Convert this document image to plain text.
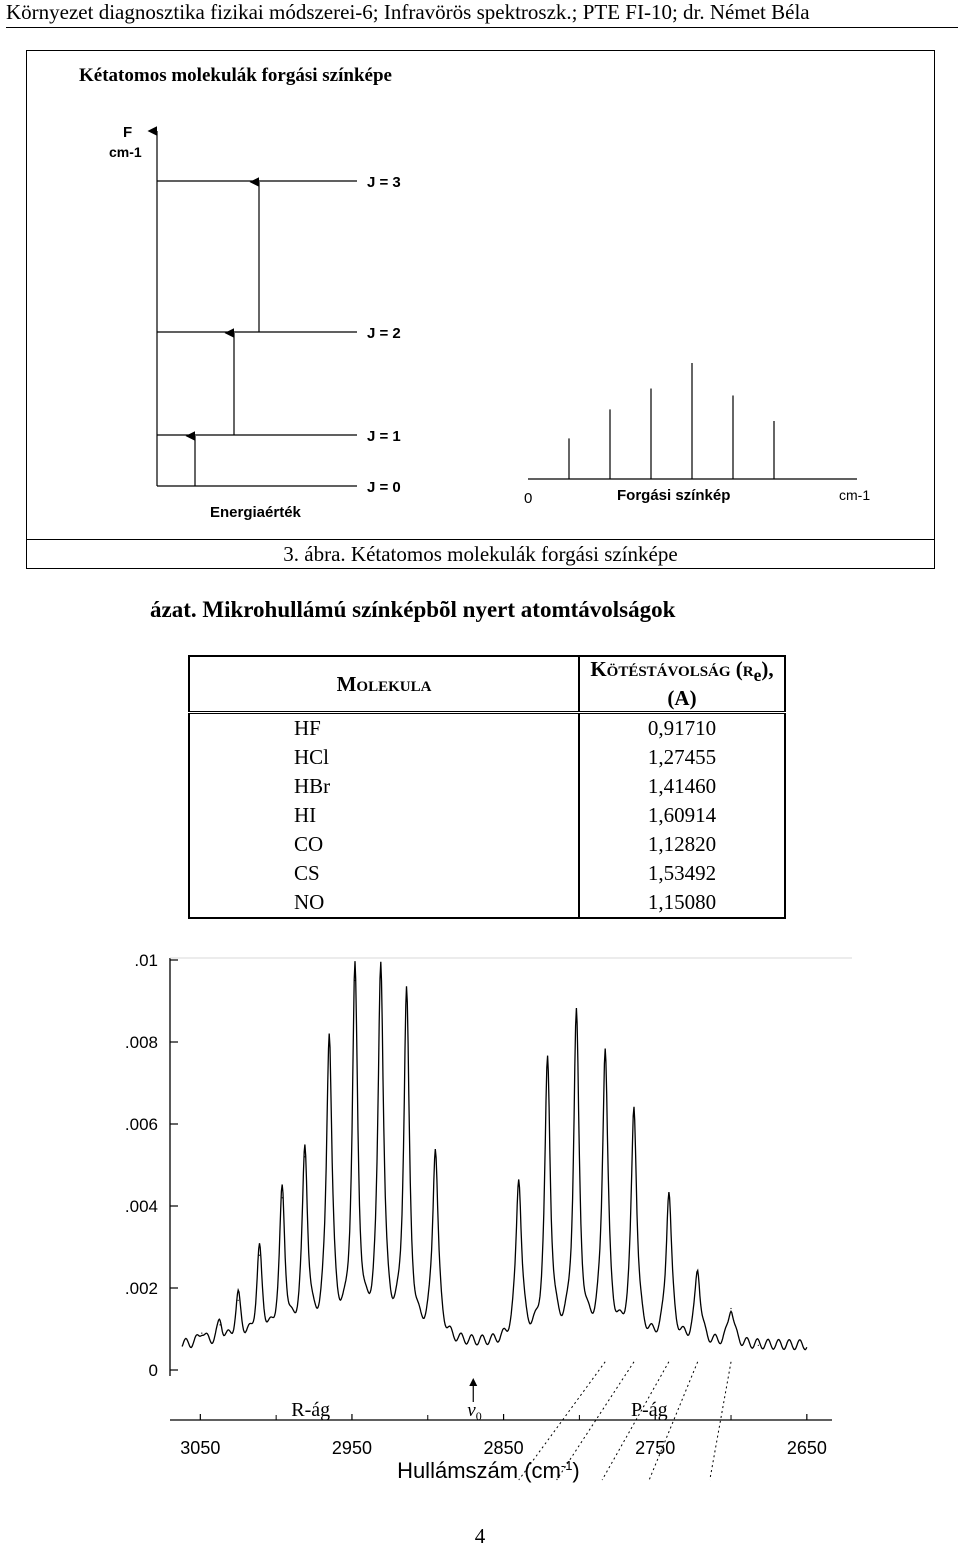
Környezet diagnosztika fizikai módszerei-6; Infravörös spektroszk.; PTE FI-10; dr. Német Béla
Kétatomos molekulák forgási színképe
F
cm-1
J = 0
J = 1
J = 2
J = 3
Energiaérték
0	Forgási színkép	cm-1
3. ábra. Kétatomos molekulák forgási színképe
ázat. Mikrohullámú színképbõl nyert atomtávolságok
Molekula	Kötéstávolság $(r_e)$, (A)
HF	0,91710
HCl	1,27455
HBr	1,41460
HI	1,60914
CO	1,12820
CS	1,53492
NO	1,15080
.01
.008
.006
.004
.002
0
3050	2950	2850	2750	2650
$\nu_0$
R-ág	P-ág
Hullámszám $(cm^{-1})$
4
